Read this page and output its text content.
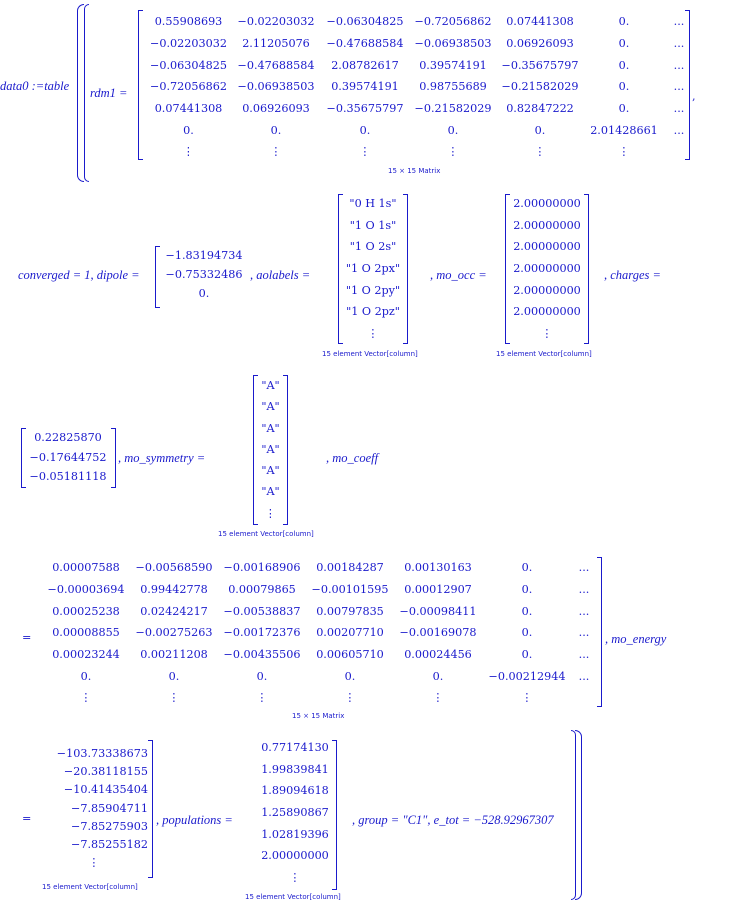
data0 :=table rdm1 =
0.55908693	−0.02203032	−0.06304825	−0.72056862	0.07441308	0.	...
−0.02203032	2.11205076	−0.47688584	−0.06938503	0.06926093	0.	...
−0.06304825	−0.47688584	2.08782617	0.39574191	−0.35675797	0.	...
−0.72056862	−0.06938503	0.39574191	0.98755689	−0.21582029	0.	...
0.07441308	0.06926093	−0.35675797	−0.21582029	0.82847222	0.	...
0.	0.	0.	0.	0.	2.01428661	...
⋮	⋮	⋮	⋮	⋮	⋮	
15 × 15 Matrix
,
converged = 1, dipole =
−1.83194734
−0.75332486
0.
, aolabels =
"0 H 1s"
"1 O 1s"
"1 O 2s"
"1 O 2px"
"1 O 2py"
"1 O 2pz"
⋮
15 element Vector[column]
, mo_occ =
2.00000000
2.00000000
2.00000000
2.00000000
2.00000000
2.00000000
⋮
15 element Vector[column]
, charges =
0.22825870
−0.17644752
−0.05181118
, mo_symmetry =
"A"
"A"
"A"
"A"
"A"
"A"
⋮
15 element Vector[column]
, mo_coeff
=
0.00007588	−0.00568590	−0.00168906	0.00184287	0.00130163	0.	...
−0.00003694	0.99442778	0.00079865	−0.00101595	0.00012907	0.	...
0.00025238	0.02424217	−0.00538837	0.00797835	−0.00098411	0.	...
0.00008855	−0.00275263	−0.00172376	0.00207710	−0.00169078	0.	...
0.00023244	0.00211208	−0.00435506	0.00605710	0.00024456	0.	...
0.	0.	0.	0.	0.	−0.00212944	...
⋮	⋮	⋮	⋮	⋮	⋮	
15 × 15 Matrix
, mo_energy
=
−103.73338673
−20.38118155
−10.41435404
−7.85904711
−7.85275903
−7.85255182
⋮
15 element Vector[column]
, populations =
0.77174130
1.99839841
1.89094618
1.25890867
1.02819396
2.00000000
⋮
15 element Vector[column]
, group = "C1", e_tot = −528.92967307
